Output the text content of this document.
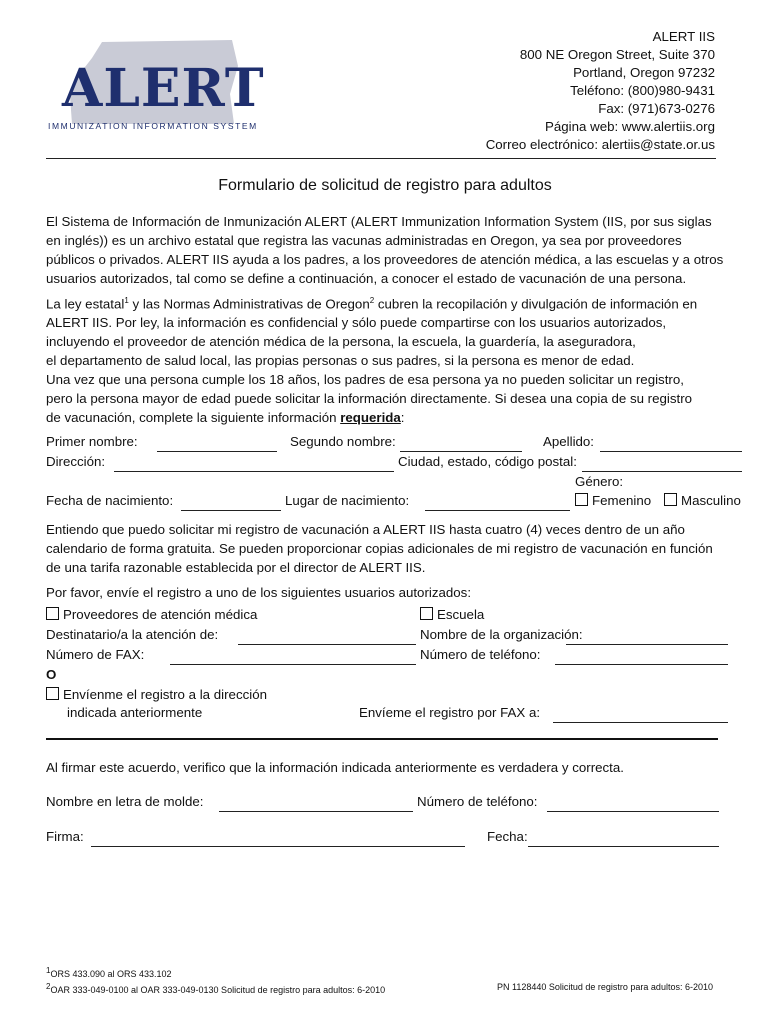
ALERT
IMMUNIZATION INFORMATION SYSTEM
ALERT IIS
800 NE Oregon Street, Suite 370
Portland, Oregon 97232
Teléfono: (800)980-9431
Fax: (971)673-0276
Página web: www.alertiis.org
Correo electrónico: alertiis@state.or.us
Formulario de solicitud de registro para adultos
El Sistema de Información de Inmunización ALERT (ALERT Immunization Information System (IIS, por sus siglas
en inglés)) es un archivo estatal que registra las vacunas administradas en Oregon, ya sea por proveedores
públicos o privados. ALERT IIS ayuda a los padres, a los proveedores de atención médica, a las escuelas y a otros
usuarios autorizados, tal como se define a continuación, a conocer el estado de vacunación de una persona.
La ley estatal$^1$ y las Normas Administrativas de Oregon$^2$ cubren la recopilación y divulgación de información en
ALERT IIS. Por ley, la información es confidencial y sólo puede compartirse con los usuarios autorizados,
incluyendo el proveedor de atención médica de la persona, la escuela, la guardería, la aseguradora,
el departamento de salud local, las propias personas o sus padres, si la persona es menor de edad.
Una vez que una persona cumple los 18 años, los padres de esa persona ya no pueden solicitar un registro,
pero la persona mayor de edad puede solicitar la información directamente. Si desea una copia de su registro
de vacunación, complete la siguiente información requerida:
Primer nombre:	Segundo nombre:	Apellido:
Dirección:	Ciudad, estado, código postal:
Género:
Fecha de nacimiento:	Lugar de nacimiento:	Femenino	Masculino
Entiendo que puedo solicitar mi registro de vacunación a ALERT IIS hasta cuatro (4) veces dentro de un año
calendario de forma gratuita. Se pueden proporcionar copias adicionales de mi registro de vacunación en función
de una tarifa razonable establecida por el director de ALERT IIS.
Por favor, envíe el registro a uno de los siguientes usuarios autorizados:
Proveedores de atención médica	Escuela
Destinatario/a la atención de:	Nombre de la organización:
Número de FAX:	Número de teléfono:
O
Envíenme el registro a la dirección
indicada anteriormente	Envíeme el registro por FAX a:
Al firmar este acuerdo, verifico que la información indicada anteriormente es verdadera y correcta.
Nombre en letra de molde:	Número de teléfono:
Firma:	Fecha:
$^1$ORS 433.090 al ORS 433.102
$^2$OAR 333-049-0100 al OAR 333-049-0130 Solicitud de registro para adultos: 6-2010	PN 1128440 Solicitud de registro para adultos: 6-2010
